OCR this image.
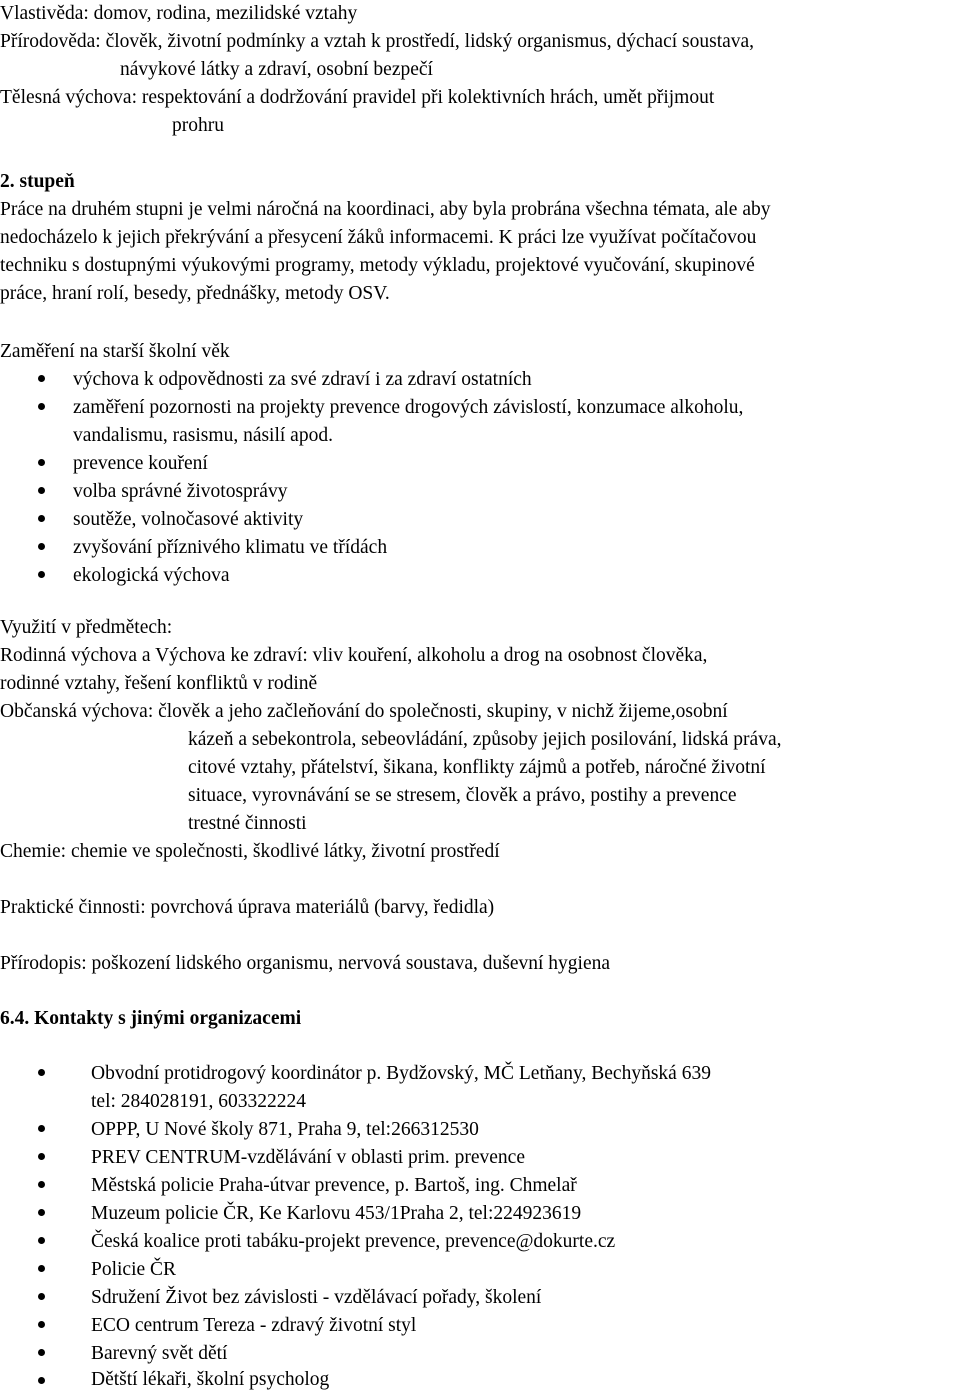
Vlastivěda: domov, rodina, mezilidské vztahy
Přírodověda: člověk, životní podmínky a vztah k prostředí, lidský organismus, dýchací soustava,
návykové látky a zdraví, osobní bezpečí
Tělesná výchova: respektování a dodržování pravidel při kolektivních hrách, umět přijmout
prohru
2. stupeň
Práce na druhém stupni je velmi náročná na koordinaci, aby byla probrána všechna témata, ale aby
nedocházelo k jejich překrývání a přesycení žáků informacemi. K práci lze využívat počítačovou
techniku s dostupnými výukovými programy, metody výkladu, projektové vyučování, skupinové
práce, hraní rolí, besedy, přednášky, metody OSV.
Zaměření na starší školní věk
výchova k odpovědnosti za své zdraví i za zdraví ostatních
zaměření pozornosti na projekty prevence drogových závislostí, konzumace alkoholu,
vandalismu, rasismu, násilí apod.
prevence kouření
volba správné životosprávy
soutěže, volnočasové aktivity
zvyšování příznivého klimatu ve třídách
ekologická výchova
Využití v předmětech:
Rodinná výchova a Výchova ke zdraví: vliv kouření, alkoholu a drog na osobnost člověka,
rodinné vztahy, řešení konfliktů v rodině
Občanská výchova: člověk a jeho začleňování do společnosti, skupiny, v nichž žijeme,osobní
kázeň a sebekontrola, sebeovládání, způsoby jejich posilování, lidská práva,
citové vztahy, přátelství, šikana, konflikty zájmů a potřeb, náročné životní
situace, vyrovnávání se se stresem, člověk a právo, postihy a prevence
trestné činnosti
Chemie: chemie ve společnosti, škodlivé látky, životní prostředí
Praktické činnosti: povrchová úprava materiálů (barvy, ředidla)
Přírodopis: poškození lidského organismu, nervová soustava, duševní hygiena
6.4. Kontakty s jinými organizacemi
Obvodní protidrogový koordinátor p. Bydžovský, MČ Letňany, Bechyňská 639
tel: 284028191, 603322224
OPPP, U Nové školy 871, Praha 9, tel:266312530
PREV CENTRUM-vzdělávání v oblasti prim. prevence
Městská policie Praha-útvar prevence, p. Bartoš, ing. Chmelař
Muzeum policie ČR, Ke Karlovu 453/1Praha 2, tel:224923619
Česká koalice proti tabáku-projekt prevence, prevence@dokurte.cz
Policie ČR
Sdružení Život bez závislosti - vzdělávací pořady, školení
ECO centrum Tereza - zdravý životní styl
Barevný svět dětí
Dětští lékaři, školní psycholog
